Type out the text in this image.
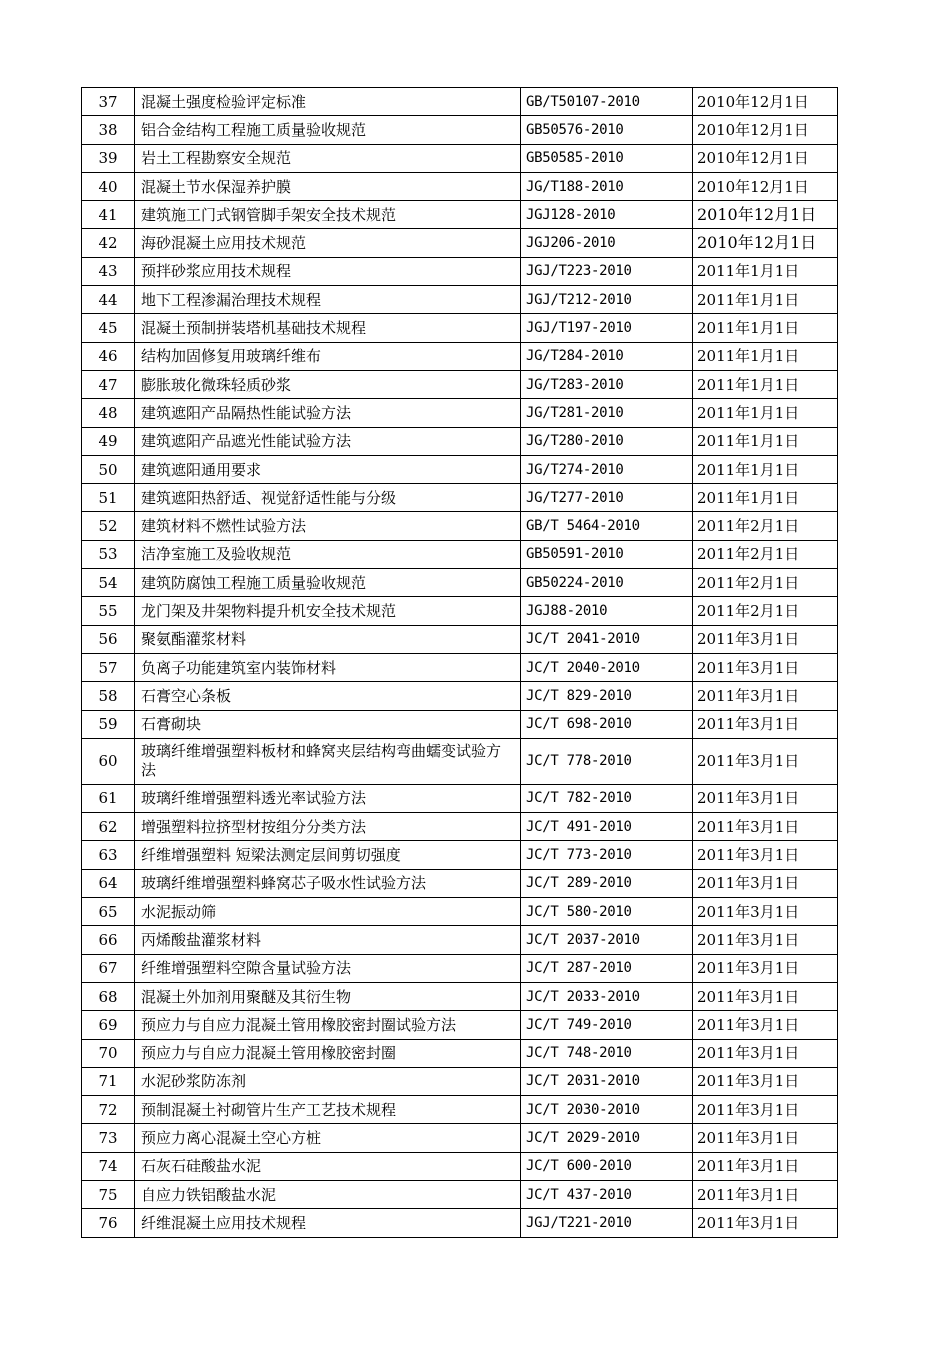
37	混凝土强度检验评定标准	GB/T50107-2010	2010年12月1日
38	铝合金结构工程施工质量验收规范	GB50576-2010	2010年12月1日
39	岩土工程勘察安全规范	GB50585-2010	2010年12月1日
40	混凝土节水保湿养护膜	JG/T188-2010	2010年12月1日
41	建筑施工门式钢管脚手架安全技术规范	JGJ128-2010	2010年12月1日
42	海砂混凝土应用技术规范	JGJ206-2010	2010年12月1日
43	预拌砂浆应用技术规程	JGJ/T223-2010	2011年1月1日
44	地下工程渗漏治理技术规程	JGJ/T212-2010	2011年1月1日
45	混凝土预制拼装塔机基础技术规程	JGJ/T197-2010	2011年1月1日
46	结构加固修复用玻璃纤维布	JG/T284-2010	2011年1月1日
47	膨胀玻化微珠轻质砂浆	JG/T283-2010	2011年1月1日
48	建筑遮阳产品隔热性能试验方法	JG/T281-2010	2011年1月1日
49	建筑遮阳产品遮光性能试验方法	JG/T280-2010	2011年1月1日
50	建筑遮阳通用要求	JG/T274-2010	2011年1月1日
51	建筑遮阳热舒适、视觉舒适性能与分级	JG/T277-2010	2011年1月1日
52	建筑材料不燃性试验方法	GB/T 5464-2010	2011年2月1日
53	洁净室施工及验收规范	GB50591-2010	2011年2月1日
54	建筑防腐蚀工程施工质量验收规范	GB50224-2010	2011年2月1日
55	龙门架及井架物料提升机安全技术规范	JGJ88-2010	2011年2月1日
56	聚氨酯灌浆材料	JC/T 2041-2010	2011年3月1日
57	负离子功能建筑室内装饰材料	JC/T 2040-2010	2011年3月1日
58	石膏空心条板	JC/T 829-2010	2011年3月1日
59	石膏砌块	JC/T 698-2010	2011年3月1日
60	玻璃纤维增强塑料板材和蜂窝夹层结构弯曲蠕变试验方法	JC/T 778-2010	2011年3月1日
61	玻璃纤维增强塑料透光率试验方法	JC/T 782-2010	2011年3月1日
62	增强塑料拉挤型材按组分分类方法	JC/T 491-2010	2011年3月1日
63	纤维增强塑料 短梁法测定层间剪切强度	JC/T 773-2010	2011年3月1日
64	玻璃纤维增强塑料蜂窝芯子吸水性试验方法	JC/T 289-2010	2011年3月1日
65	水泥振动筛	JC/T 580-2010	2011年3月1日
66	丙烯酸盐灌浆材料	JC/T 2037-2010	2011年3月1日
67	纤维增强塑料空隙含量试验方法	JC/T 287-2010	2011年3月1日
68	混凝土外加剂用聚醚及其衍生物	JC/T 2033-2010	2011年3月1日
69	预应力与自应力混凝土管用橡胶密封圈试验方法	JC/T 749-2010	2011年3月1日
70	预应力与自应力混凝土管用橡胶密封圈	JC/T 748-2010	2011年3月1日
71	水泥砂浆防冻剂	JC/T 2031-2010	2011年3月1日
72	预制混凝土衬砌管片生产工艺技术规程	JC/T 2030-2010	2011年3月1日
73	预应力离心混凝土空心方桩	JC/T 2029-2010	2011年3月1日
74	石灰石硅酸盐水泥	JC/T 600-2010	2011年3月1日
75	自应力铁铝酸盐水泥	JC/T 437-2010	2011年3月1日
76	纤维混凝土应用技术规程	JGJ/T221-2010	2011年3月1日
